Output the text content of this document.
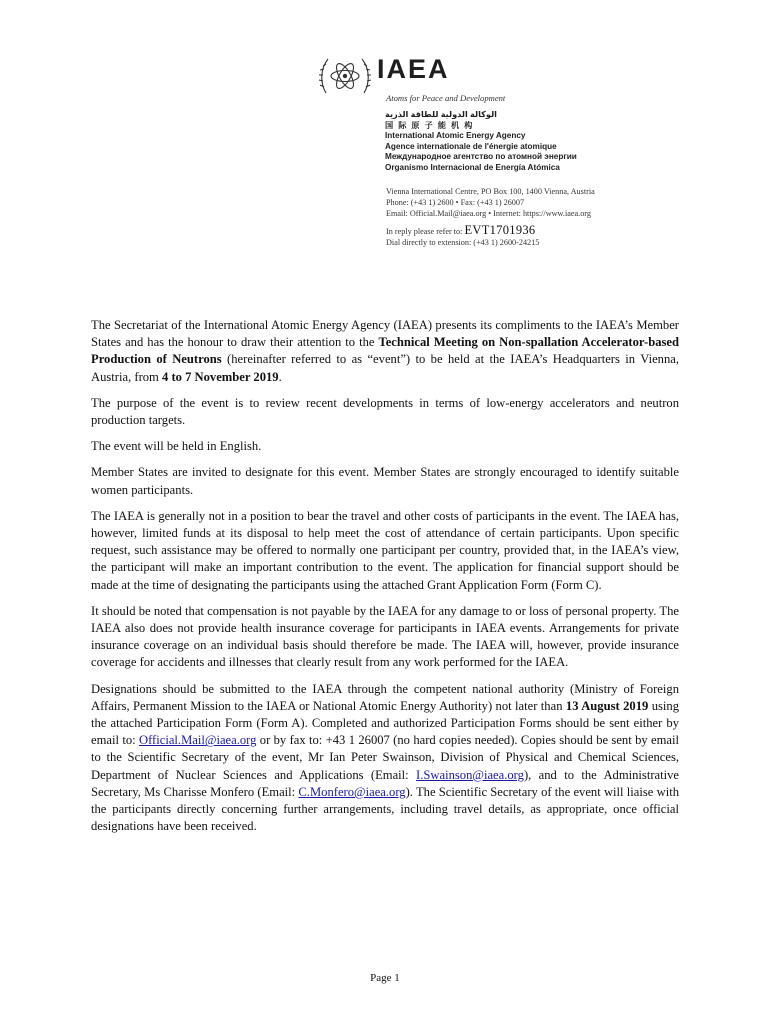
IAEA
Atoms for Peace and Development
الوكالة الدولية للطاقة الذرية
国际原子能机构
International Atomic Energy Agency
Agence internationale de l'énergie atomique
Международное агентство по атомной энергии
Organismo Internacional de Energía Atómica
Vienna International Centre, PO Box 100, 1400 Vienna, Austria
Phone: (+43 1) 2600 • Fax: (+43 1) 26007
Email: Official.Mail@iaea.org • Internet: https://www.iaea.org
In reply please refer to: EVT1701936
Dial directly to extension: (+43 1) 2600-24215

The Secretariat of the International Atomic Energy Agency (IAEA) presents its compliments to the IAEA’s Member States and has the honour to draw their attention to the Technical Meeting on Non-spallation Accelerator-based Production of Neutrons (hereinafter referred to as “event”) to be held at the IAEA’s Headquarters in Vienna, Austria, from 4 to 7 November 2019.

The purpose of the event is to review recent developments in terms of low-energy accelerators and neutron production targets.

The event will be held in English.

Member States are invited to designate for this event. Member States are strongly encouraged to identify suitable women participants.

The IAEA is generally not in a position to bear the travel and other costs of participants in the event. The IAEA has, however, limited funds at its disposal to help meet the cost of attendance of certain participants. Upon specific request, such assistance may be offered to normally one participant per country, provided that, in the IAEA’s view, the participant will make an important contribution to the event. The application for financial support should be made at the time of designating the participants using the attached Grant Application Form (Form C).

It should be noted that compensation is not payable by the IAEA for any damage to or loss of personal property. The IAEA also does not provide health insurance coverage for participants in IAEA events. Arrangements for private insurance coverage on an individual basis should therefore be made. The IAEA will, however, provide insurance coverage for accidents and illnesses that clearly result from any work performed for the IAEA.

Designations should be submitted to the IAEA through the competent national authority (Ministry of Foreign Affairs, Permanent Mission to the IAEA or National Atomic Energy Authority) not later than 13 August 2019 using the attached Participation Form (Form A). Completed and authorized Participation Forms should be sent either by email to: Official.Mail@iaea.org or by fax to: +43 1 26007 (no hard copies needed). Copies should be sent by email to the Scientific Secretary of the event, Mr Ian Peter Swainson, Division of Physical and Chemical Sciences, Department of Nuclear Sciences and Applications (Email: I.Swainson@iaea.org), and to the Administrative Secretary, Ms Charisse Monfero (Email: C.Monfero@iaea.org). The Scientific Secretary of the event will liaise with the participants directly concerning further arrangements, including travel details, as appropriate, once official designations have been received.

Page 1
